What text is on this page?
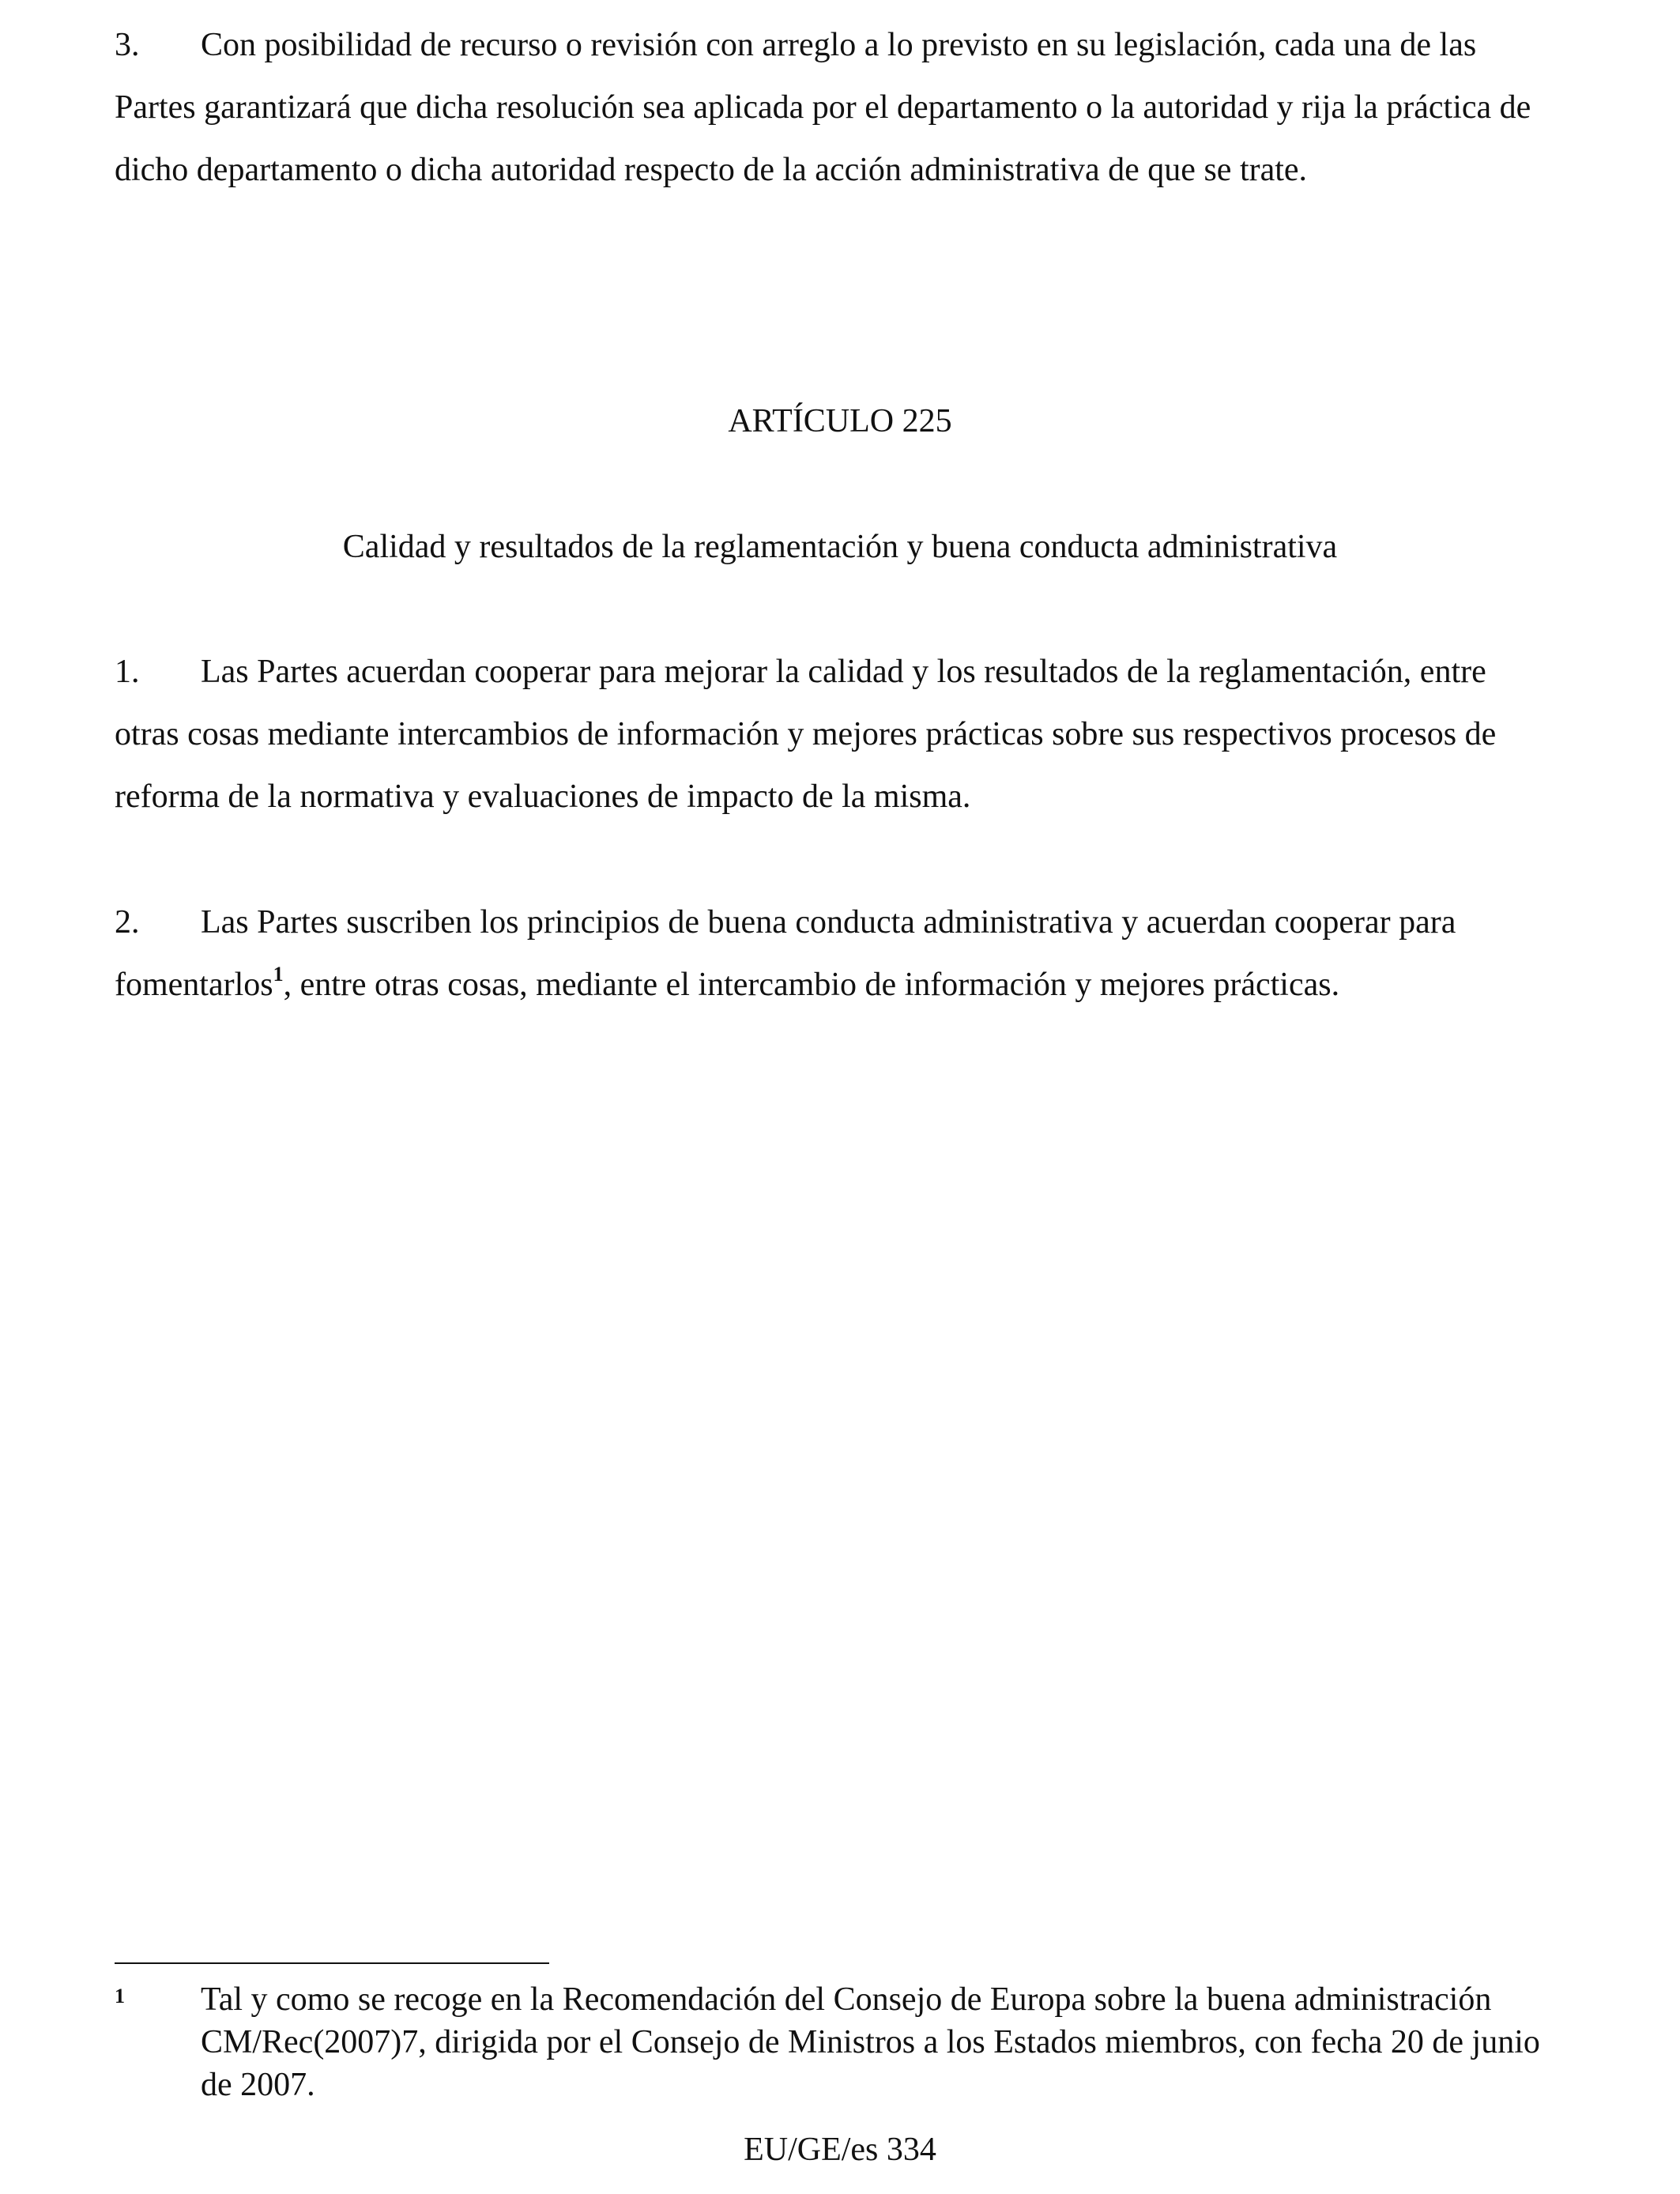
3. Con posibilidad de recurso o revisión con arreglo a lo previsto en su legislación, cada una de las Partes garantizará que dicha resolución sea aplicada por el departamento o la autoridad y rija la práctica de dicho departamento o dicha autoridad respecto de la acción administrativa de que se trate.

ARTÍCULO 225

Calidad y resultados de la reglamentación y buena conducta administrativa

1. Las Partes acuerdan cooperar para mejorar la calidad y los resultados de la reglamentación, entre otras cosas mediante intercambios de información y mejores prácticas sobre sus respectivos procesos de reforma de la normativa y evaluaciones de impacto de la misma.

2. Las Partes suscriben los principios de buena conducta administrativa y acuerdan cooperar para fomentarlos$^1$, entre otras cosas, mediante el intercambio de información y mejores prácticas.

1 Tal y como se recoge en la Recomendación del Consejo de Europa sobre la buena administración CM/Rec(2007)7, dirigida por el Consejo de Ministros a los Estados miembros, con fecha 20 de junio de 2007.
EU/GE/es 334
